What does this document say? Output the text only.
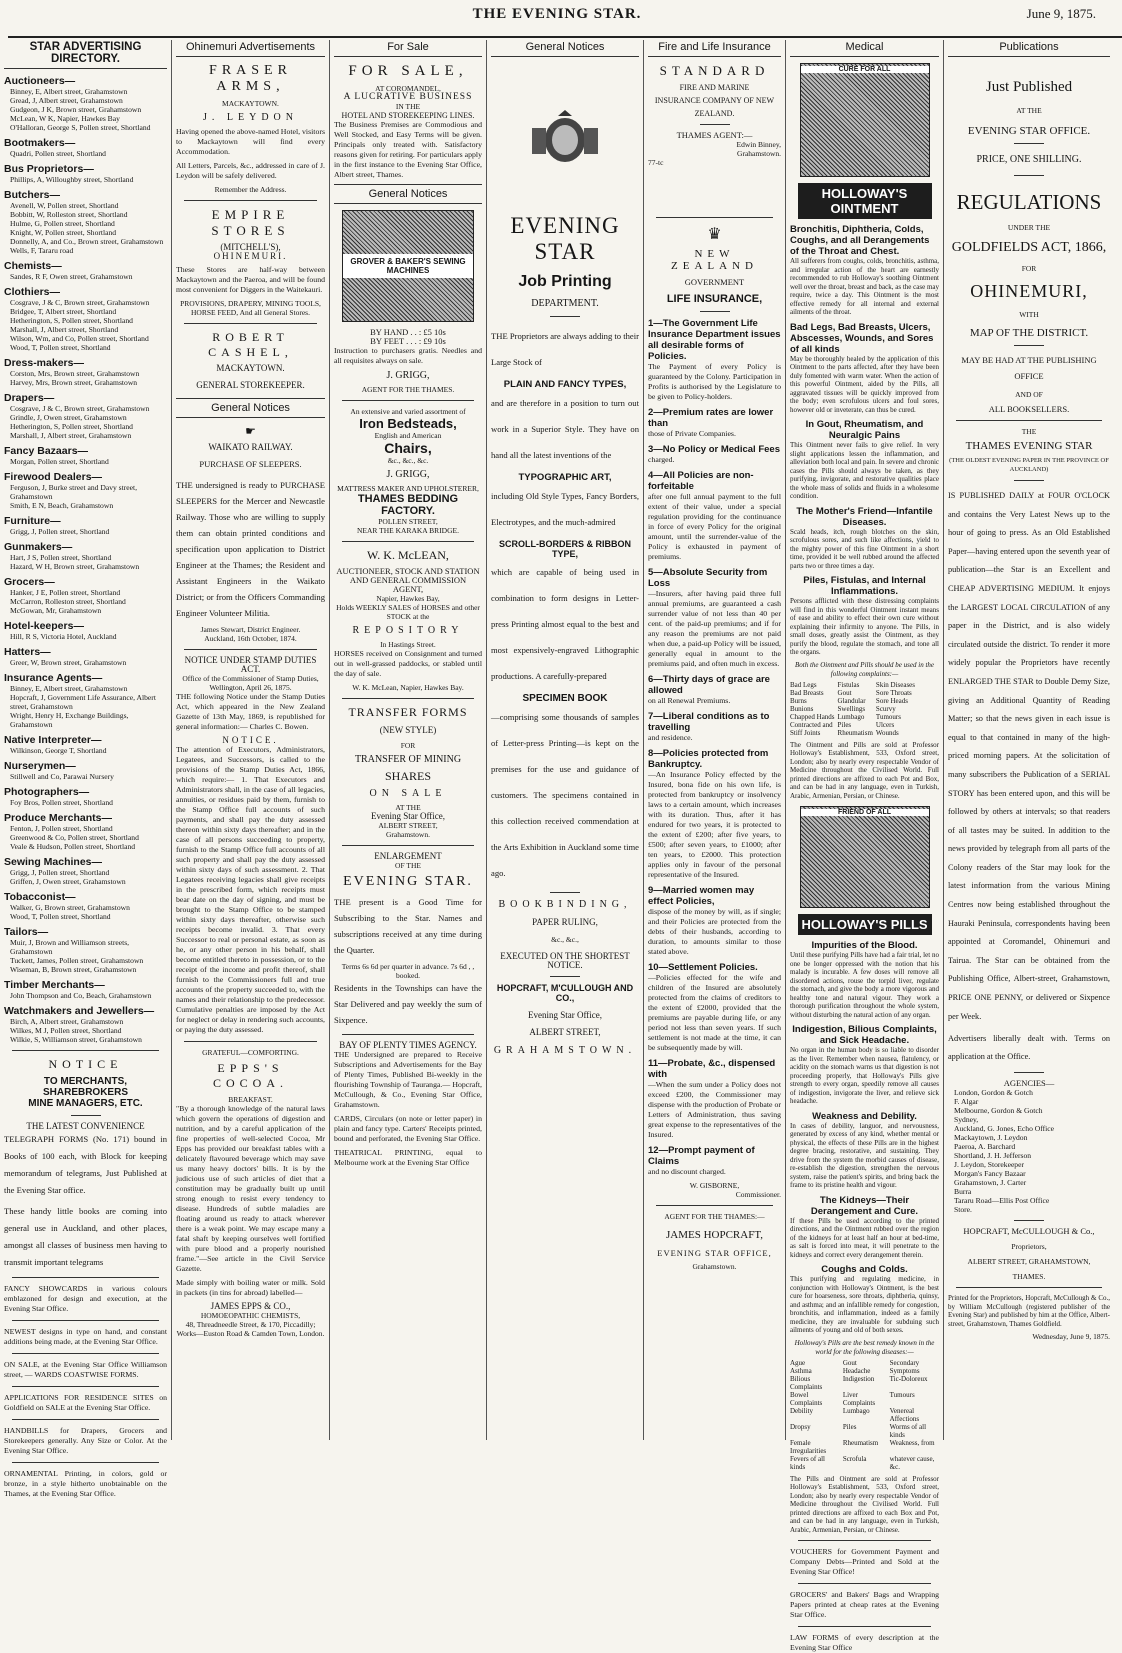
THE EVENING STAR.	June 9, 1875.
STAR ADVERTISING DIRECTORY.
Auctioneers—
Binney, E, Albert street, Grahamstown
Gread, J, Albert street, Grahamstown
Gudgeon, J K, Brown street, Grahamstown
McLean, W K, Napier, Hawkes Bay
O'Halloran, George S, Pollen street, Shortland
Bootmakers—
Quadri, Pollen street, Shortland
Bus Proprietors—
Phillips, A, Willoughby street, Shortland
Butchers—
Avenell, W, Pollen street, Shortland
Bobbitt, W, Rolleston street, Shortland
Hulme, G, Pollen street, Shortland
Knight, W, Pollen street, Shortland
Donnelly, A, and Co., Brown street, Grahamstown
Wells, F, Tararu road
Chemists—
Sandes, R F, Owen street, Grahamstown
Clothiers—
Cosgrave, J & C, Brown street, Grahamstown
Bridgee, T, Albert street, Shortland
Hetherington, S, Pollen street, Shortland
Marshall, J, Albert street, Shortland
Wilson, Wm, and Co, Pollen street, Shortland
Wood, T, Pollen street, Shortland
Dress-makers—
Corston, Mrs, Brown street, Grahamstown
Harvey, Mrs, Brown street, Grahamstown
Drapers—
Cosgrave, J & C, Brown street, Grahamstown
Grindle, J, Owen street, Grahamstown
Hetherington, S, Pollen street, Shortland
Marshall, J, Albert street, Grahamstown
Fancy Bazaars—
Morgan, Pollen street, Shortland
Firewood Dealers—
Ferguson, J, Burke street and Davy street, Grahamstown
Smith, E N, Beach, Grahamstown
Furniture—
Grigg, J, Pollen street, Shortland
Gunmakers—
Hart, J S, Pollen street, Shortland
Hazard, W H, Brown street, Grahamstown
Grocers—
Hanker, J E, Pollen street, Shortland
McCarron, Rolleston street, Shortland
McGowan, Mr, Grahamstown
Hotel-keepers—
Hill, R S, Victoria Hotel, Auckland
Hatters—
Greer, W, Brown street, Grahamstown
Insurance Agents—
Binney, E, Albert street, Grahamstown
Hopcraft, J, Government Life Assurance, Albert street, Grahamstown
Wright, Henry H, Exchange Buildings, Grahamstown
Native Interpreter—
Wilkinson, George T, Shortland
Nurserymen—
Stillwell and Co, Parawai Nursery
Photographers—
Foy Bros, Pollen street, Shortland
Produce Merchants—
Fenton, J, Pollen street, Shortland
Greenwood & Co, Pollen street, Shortland
Veale & Hudson, Pollen street, Shortland
Sewing Machines—
Grigg, J, Pollen street, Shortland
Griffen, J, Owen street, Grahamstown
Tobacconist—
Walker, G, Brown street, Grahamstown
Wood, T, Pollen street, Shortland
Tailors—
Muir, J, Brown and Williamson streets, Grahamstown
Tuckett, James, Pollen street, Grahamstown
Wiseman, B, Brown street, Grahamstown
Timber Merchants—
John Thompson and Co, Beach, Grahamstown
Watchmakers and Jewellers—
Birch, A, Albert street, Grahamstown
Wilkes, M J, Pollen street, Shortland
Wilkie, S, Williamson street, Grahamstown
NOTICE
TO MERCHANTS, SHAREBROKERS
MINE MANAGERS, ETC.
THE LATEST CONVENIENCE

TELEGRAPH FORMS (No. 171) bound in Books of 100 each, with Block for keeping memorandum of telegrams, Just Published at the Evening Star office.

These handy little books are coming into general use in Auckland, and other places, amongst all classes of business men having to transmit important telegrams

FANCY SHOWCARDS in various colours emblazoned for design and execution, at the Evening Star Office.

NEWEST designs in type on hand, and constant additions being made, at the Evening Star Office.

ON SALE, at the Evening Star Office Williamson street, — WARDS COASTWISE FORMS.

APPLICATIONS FOR RESIDENCE SITES on Goldfield on SALE at the Evening Star Office.

HANDBILLS for Drapers, Grocers and Storekeepers generally. Any Size or Color. At the Evening Star Office.

ORNAMENTAL Printing, in colors, gold or bronze, in a style hitherto unobtainable on the Thames, at the Evening Star Office.

Ohinemuri Advertisements
FRASER ARMS,
MACKAYTOWN.
J. LEYDON

Having opened the above-named Hotel, visitors to Mackaytown will find every Accommodation.

All Letters, Parcels, &c., addressed in care of J. Leydon will be safely delivered.

Remember the Address.
EMPIRE STORES
(MITCHELL'S),
OHINEMURI.

These Stores are half-way between Mackaytown and the Paeroa, and will be found most convenient for Diggers in the Waitekauri.

PROVISIONS, DRAPERY, MINING TOOLS, HORSE FEED, And all General Stores.
ROBERT CASHEL,
MACKAYTOWN.
GENERAL STOREKEEPER.
General Notices
☛
WAIKATO RAILWAY.
PURCHASE OF SLEEPERS.

THE undersigned is ready to PURCHASE SLEEPERS for the Mercer and Newcastle Railway. Those who are willing to supply them can obtain printed conditions and specification upon application to District Engineer at the Thames; the Resident and Assistant Engineers in the Waikato District; or from the Officers Commanding Engineer Volunteer Militia.

James Stewart, District Engineer.
Auckland, 16th October, 1874.
NOTICE UNDER STAMP DUTIES ACT.
Office of the Commissioner of Stamp Duties, Wellington, April 26, 1875.

THE following Notice under the Stamp Duties Act, which appeared in the New Zealand Gazette of 13th May, 1869, is republished for general information:— Charles C. Bowen.

NOTICE.

The attention of Executors, Administrators, Legatees, and Successors, is called to the provisions of the Stamp Duties Act, 1866, which require:— 1. That Executors and Administrators shall, in the case of all legacies, annuities, or residues paid by them, furnish to the Stamp Office full accounts of such payments, and shall pay the duty assessed thereon within sixty days thereafter; and in the case of all persons succeeding to property, furnish to the Stamp Office full accounts of all such property and shall pay the duty assessed within sixty days of such assessment. 2. That Legatees receiving legacies shall give receipts in the prescribed form, which receipts must bear date on the day of signing, and must be brought to the Stamp Office to be stamped within sixty days thereafter, otherwise such receipts become invalid. 3. That every Successor to real or personal estate, as soon as he, or any other person in his behalf, shall become entitled thereto in possession, or to the receipt of the income and profit thereof, shall furnish to the Commissioners full and true accounts of the property succeeded to, with the names and their relationship to the predecessor. Cumulative penalties are imposed by the Act for neglect or delay in rendering such accounts, or paying the duty assessed.

GRATEFUL—COMFORTING.
EPPS'S COCOA.
BREAKFAST.

"By a thorough knowledge of the natural laws which govern the operations of digestion and nutrition, and by a careful application of the fine properties of well-selected Cocoa, Mr Epps has provided our breakfast tables with a delicately flavoured beverage which may save us many heavy doctors' bills. It is by the judicious use of such articles of diet that a constitution may be gradually built up until strong enough to resist every tendency to disease. Hundreds of subtle maladies are floating around us ready to attack wherever there is a weak point. We may escape many a fatal shaft by keeping ourselves well fortified with pure blood and a properly nourished frame."—See article in the Civil Service Gazette.

Made simply with boiling water or milk. Sold in packets (in tins for abroad) labelled—

JAMES EPPS & CO.,
HOMOEOPATHIC CHEMISTS,
48, Threadneedle Street, & 170, Piccadilly; Works—Euston Road & Camden Town, London.
For Sale
FOR SALE,
AT COROMANDEL,
A LUCRATIVE BUSINESS
IN THE
HOTEL AND STOREKEEPING LINES.

The Business Premises are Commodious and Well Stocked, and Easy Terms will be given. Principals only treated with. Satisfactory reasons given for retiring. For particulars apply in the first instance to the Evening Star Office, Albert street, Thames.

General Notices
GROVER & BAKER'S SEWING MACHINES
BY HAND . . : £5 10s
BY FEET . . . : £9 10s

Instruction to purchasers gratis. Needles and all requisites always on sale.

J. GRIGG,
AGENT FOR THE THAMES.
An extensive and varied assortment of
Iron Bedsteads,
English and American
Chairs,
&c., &c., &c.
J. GRIGG,
MATTRESS MAKER AND UPHOLSTERER,
THAMES BEDDING FACTORY.
POLLEN STREET,
NEAR THE KARAKA BRIDGE.
W. K. McLEAN,
AUCTIONEER, STOCK AND STATION AND GENERAL COMMISSION AGENT,
Napier, Hawkes Bay,
Holds WEEKLY SALES of HORSES and other STOCK at the
REPOSITORY
In Hastings Street.

HORSES received on Consignment and turned out in well-grassed paddocks, or stabled until the day of sale.

W. K. McLean, Napier, Hawkes Bay.
TRANSFER FORMS
(NEW STYLE)
FOR
TRANSFER OF MINING
SHARES
ON SALE
AT THE
Evening Star Office,
ALBERT STREET,
Grahamstown.
ENLARGEMENT
OF THE
EVENING STAR.

THE present is a Good Time for Subscribing to the Star. Names and subscriptions received at any time during the Quarter.

Terms 6s 6d per quarter in advance. 7s 6d , , booked.

Residents in the Townships can have the Star Delivered and pay weekly the sum of Sixpence.

BAY OF PLENTY TIMES AGENCY.

THE Undersigned are prepared to Receive Subscriptions and Advertisements for the Bay of Plenty Times, Published Bi-weekly in the flourishing Township of Tauranga.— Hopcraft, McCullough, & Co., Evening Star Office, Grahamstown.

CARDS, Circulars (on note or letter paper) in plain and fancy type. Carters' Receipts printed, bound and perforated, the Evening Star Office.

THEATRICAL PRINTING, equal to Melbourne work at the Evening Star Office

General Notices
EVENING STAR
Job Printing
DEPARTMENT.

THE Proprietors are always adding to their Large Stock of

PLAIN AND FANCY TYPES,

and are therefore in a position to turn out work in a Superior Style. They have on hand all the latest inventions of the

TYPOGRAPHIC ART,

including Old Style Types, Fancy Borders, Electrotypes, and the much-admired

SCROLL-BORDERS & RIBBON TYPE,

which are capable of being used in combination to form designs in Letter-press Printing almost equal to the best and most expensively-engraved Lithographic productions. A carefully-prepared

SPECIMEN BOOK

—comprising some thousands of samples of Letter-press Printing—is kept on the premises for the use and guidance of customers. The specimens contained in this collection received commendation at the Arts Exhibition in Auckland some time ago.

BOOKBINDING,
PAPER RULING,
&c., &c.,
EXECUTED ON THE SHORTEST NOTICE.
HOPCRAFT, M'CULLOUGH AND CO.,
Evening Star Office,
ALBERT STREET,
GRAHAMSTOWN.
Fire and Life Insurance
STANDARD
FIRE AND MARINE
INSURANCE COMPANY OF NEW
ZEALAND.
THAMES AGENT:—
Edwin Binney,
Grahamstown.
77-tc
♛
NEW ZEALAND
GOVERNMENT
LIFE INSURANCE,
1—The Government Life Insurance Department issues all desirable forms of Policies.

The Payment of every Policy is guaranteed by the Colony. Participation in Profits is authorised by the Legislature to be given to Policy-holders.

2—Premium rates are lower than

those of Private Companies.

3—No Policy or Medical Fees

charged.

4—All Policies are non-forfeitable

after one full annual payment to the full extent of their value, under a special regulation providing for the continuance in force of every Policy for the original amount, until the surrender-value of the Policy is exhausted in payment of premiums.

5—Absolute Security from Loss

—Insurers, after having paid three full annual premiums, are guaranteed a cash surrender value of not less than 40 per cent. of the paid-up premiums; and if for any reason the premiums are not paid when due, a paid-up Policy will be issued, generally equal in amount to the premiums paid, and often much in excess.

6—Thirty days of grace are allowed

on all Renewal Premiums.

7—Liberal conditions as to travelling

and residence.

8—Policies protected from Bankruptcy.

—An Insurance Policy effected by the Insured, bona fide on his own life, is protected from bankruptcy or insolvency laws to a certain amount, which increases with its duration. Thus, after it has endured for two years, it is protected to the extent of £200; after five years, to £500; after seven years, to £1000; after ten years, to £2000. This protection applies only in favour of the personal representative of the Insured.

9—Married women may effect Policies,

dispose of the money by will, as if single; and their Policies are protected from the debts of their husbands, according to duration, to amounts similar to those stated above.

10—Settlement Policies.

—Policies effected for the wife and children of the Insured are absolutely protected from the claims of creditors to the extent of £2000, provided that the premiums are payable during life, or any period not less than seven years. If such settlement is not made at the time, it can be subsequently made by will.

11—Probate, &c., dispensed with

—When the sum under a Policy does not exceed £200, the Commissioner may dispense with the production of Probate or Letters of Administration, thus saving great expense to the representatives of the Insured.

12—Prompt payment of Claims

and no discount charged.

W. GISBORNE,
Commissioner.
AGENT FOR THE THAMES:—
JAMES HOPCRAFT,
EVENING STAR OFFICE,
Grahamstown.
Medical
CURE FOR ALL
HOLLOWAY'S OINTMENT
Bronchitis, Diphtheria, Colds, Coughs, and all Derangements of the Throat and Chest.

All sufferers from coughs, colds, bronchitis, asthma, and irregular action of the heart are earnestly recommended to rub Holloway's soothing Ointment well over the throat, breast and back, as the case may require, twice a day. This Ointment is the most effective remedy for all internal and external ailments of the throat.

Bad Legs, Bad Breasts, Ulcers, Abscesses, Wounds, and Sores of all kinds

May be thoroughly healed by the application of this Ointment to the parts affected, after they have been duly fomented with warm water. When the action of this powerful Ointment, aided by the Pills, all aggravated tissues will be quickly improved from the body; even scrofulous ulcers and foul sores, however old or inveterate, can thus be cured.

In Gout, Rheumatism, and Neuralgic Pains

This Ointment never fails to give relief. In very slight applications lessen the inflammation, and alleviation both local and pain. In severe and chronic cases the Pills should always be taken, as they purifying, invigorate, and restorative qualities place the whole mass of solids and fluids in a wholesome condition.

The Mother's Friend—Infantile Diseases.

Scald heads, itch, rough blotches on the skin, scrofulous sores, and such like affections, yield to the mighty power of this fine Ointment in a short time, provided it be well rubbed around the affected parts two or three times a day.

Piles, Fistulas, and Internal Inflammations.

Persons afflicted with these distressing complaints will find in this wonderful Ointment instant means of ease and ability to effect their own cure without explaining their infirmity to anyone. The Pills, in small doses, greatly assist the Ointment, as they purify the blood, regulate the stomach, and tone all the organs.

Both the Ointment and Pills should be used in the following complaints:—
Bad Legs	Fistulas	Skin Diseases
Bad Breasts	Gout	Sore Throats
Burns	Glandular	Sore Heads
Bunions	Swellings	Scurvy
Chapped Hands	Lumbago	Tumours
Contracted and	Piles	Ulcers
Stiff Joints	Rheumatism	Wounds

The Ointment and Pills are sold at Professor Holloway's Establishment, 533, Oxford street, London; also by nearly every respectable Vendor of Medicine throughout the Civilised World. Full printed directions are affixed to each Pot and Box, and can be had in any language, even in Turkish, Arabic, Armenian, Persian, or Chinese.

FRIEND OF ALL
HOLLOWAY'S PILLS
Impurities of the Blood.

Until these purifying Pills have had a fair trial, let no one be longer oppressed with the notion that his malady is incurable. A few doses will remove all disordered actions, rouse the torpid liver, regulate the stomach, and give the body a more vigorous and healthy tone and natural vigour. They work a thorough purification throughout the whole system, without disturbing the natural action of any organ.

Indigestion, Bilious Complaints, and Sick Headache.

No organ in the human body is so liable to disorder as the liver. Remember when nausea, flatulency, or acidity on the stomach warns us that digestion is not proceeding properly, that Holloway's Pills give strength to every organ, speedily remove all causes of indigestion, invigorate the liver, and relieve sick headache.

Weakness and Debility.

In cases of debility, languor, and nervousness, generated by excess of any kind, whether mental or physical, the effects of these Pills are in the highest degree bracing, restorative, and sustaining. They drive from the system the morbid causes of disease, re-establish the digestion, strengthen the nervous system, raise the patient's spirits, and bring back the frame to its pristine health and vigour.

The Kidneys—Their Derangement and Cure.

If these Pills be used according to the printed directions, and the Ointment rubbed over the region of the kidneys for at least half an hour at bed-time, as salt is forced into meat, it will penetrate to the kidneys and correct every derangement therein.

Coughs and Colds.

This purifying and regulating medicine, in conjunction with Holloway's Ointment, is the best cure for hoarseness, sore throats, diphtheria, quinsy, and asthma; and an infallible remedy for congestion, bronchitis, and inflammation, indeed as a family medicine, they are invaluable for subduing such ailments of young and old of both sexes.

Holloway's Pills are the best remedy known in the world for the following diseases:—
Ague	Gout	Secondary
Asthma	Headache	Symptoms
Bilious Complaints	Indigestion	Tic-Doloreux
Bowel Complaints	Liver Complaints	Tumours
Debility	Lumbago	Venereal Affections
Dropsy	Piles	Worms of all kinds
Female Irregularities	Rheumatism	Weakness, from
Fevers of all kinds	Scrofula	whatever cause, &c.

The Pills and Ointment are sold at Professor Holloway's Establishment, 533, Oxford street, London; also by nearly every respectable Vendor of Medicine throughout the Civilised World. Full printed directions are affixed to each Box and Pot, and can be had in any language, even in Turkish, Arabic, Armenian, Persian, or Chinese.

VOUCHERS for Government Payment and Company Debts—Printed and Sold at the Evening Star Office!

GROCERS' and Bakers' Bags and Wrapping Papers printed at cheap rates at the Evening Star Office.

LAW FORMS of every description at the Evening Star Office

Publications
Just Published
AT THE
EVENING STAR OFFICE.
PRICE, ONE SHILLING.
REGULATIONS
UNDER THE
GOLDFIELDS ACT, 1866,
FOR
OHINEMURI,
WITH
MAP OF THE DISTRICT.
MAY BE HAD AT THE PUBLISHING OFFICE
AND OF
ALL BOOKSELLERS.
THE
THAMES EVENING STAR
(THE OLDEST EVENING PAPER IN THE PROVINCE OF AUCKLAND)

IS PUBLISHED DAILY at FOUR O'CLOCK and contains the Very Latest News up to the hour of going to press. As an Old Established Paper—having entered upon the seventh year of publication—the Star is an Excellent and CHEAP ADVERTISING MEDIUM. It enjoys the LARGEST LOCAL CIRCULATION of any paper in the District, and is also widely circulated outside the district. To render it more widely popular the Proprietors have recently ENLARGED THE STAR to Double Demy Size, giving an Additional Quantity of Reading Matter; so that the news given in each issue is equal to that contained in many of the high-priced morning papers. At the solicitation of many subscribers the Publication of a SERIAL STORY has been entered upon, and this will be followed by others at intervals; so that readers of all tastes may be suited. In addition to the news provided by telegraph from all parts of the Colony readers of the Star may look for the latest information from the various Mining Centres now being established throughout the Hauraki Peninsula, correspondents having been appointed at Coromandel, Ohinemuri and Tairua. The Star can be obtained from the Publishing Office, Albert-street, Grahamstown, PRICE ONE PENNY, or delivered or Sixpence per Week.

Advertisers liberally dealt with. Terms on application at the Office.

AGENCIES—
London, Gordon & Gotch
F. Algar
Melbourne, Gordon & Gotch
Sydney,
Auckland, G. Jones, Echo Office
Mackaytown, J. Leydon
Paeroa, A. Barchard
Shortland, J. H. Jefferson
J. Leydon, Storekeeper
Morgan's Fancy Bazaar
Grahamstown, J. Carter
Burra
Tararu Road—Ellis Post Office
Store.
HOPCRAFT, McCULLOUGH & Co.,
Proprietors,
ALBERT STREET, GRAHAMSTOWN,
THAMES.

Printed for the Proprietors, Hopcraft, McCullough & Co., by William McCullough (registered publisher of the Evening Star) and published by him at the Office, Albert-street, Grahamstown, Thames Goldfield.

Wednesday, June 9, 1875.
